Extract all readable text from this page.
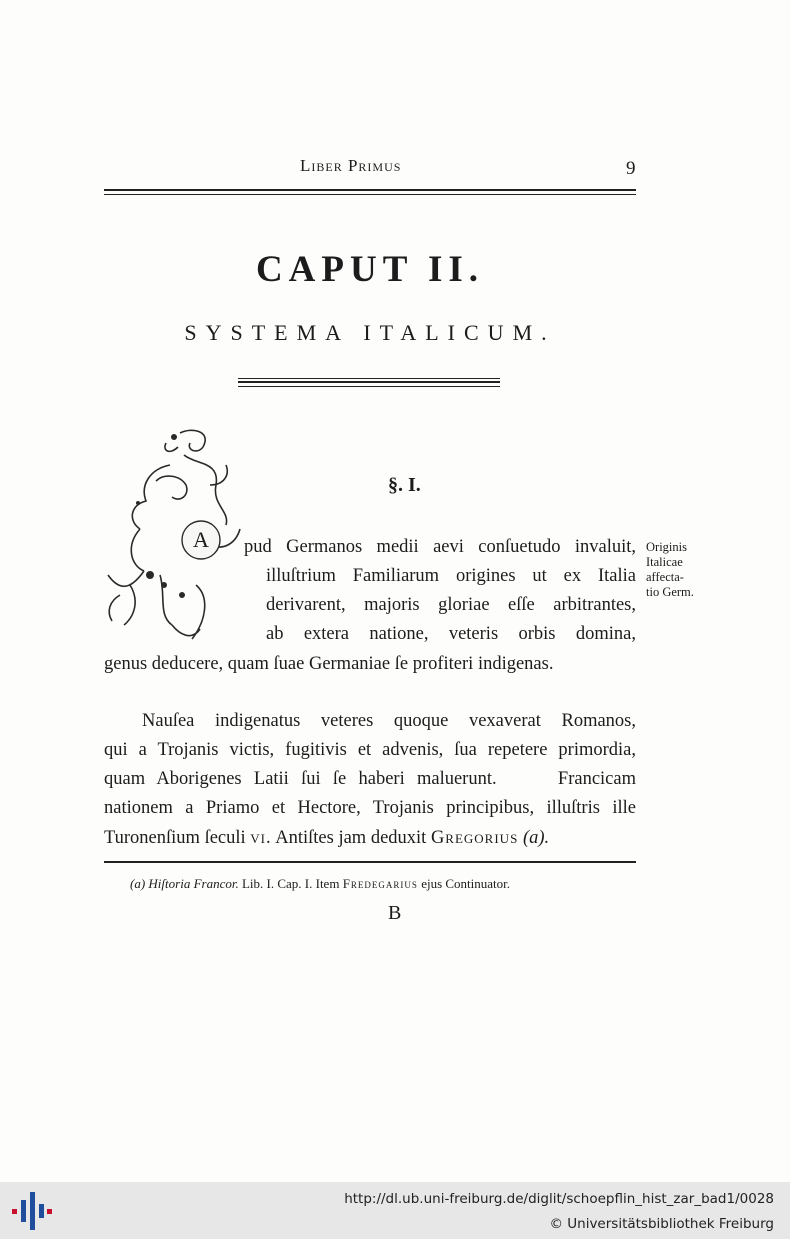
Liber Primus	9
CAPUT II.
SYSTEMA ITALICUM.
A
§. I.
pud Germanos medii aevi conſuetudo invaluit,
illuſtrium Familiarum origines ut ex Italia
derivarent, majoris gloriae eſſe arbitrantes,
ab extera natione, veteris orbis domina,
genus deducere, quam ſuae Germaniae ſe profiteri indigenas.
Nauſea indigenatus veteres quoque vexaverat Romanos,
qui a Trojanis victis, fugitivis et advenis, ſua repetere primordia,
quam Aborigenes Latii ſui ſe haberi maluerunt.     Francicam
nationem a Priamo et Hectore, Trojanis principibus, illuſtris ille
Turonenſium ſeculi vi. Antiſtes jam deduxit Gregorius (a).
Originis
Italicae
affecta-
tio Germ.
(a) Hiſtoria Francor. Lib. I. Cap. I. Item Fredegarius ejus Continuator.
B
http://dl.ub.uni-freiburg.de/diglit/schoepflin_hist_zar_bad1/0028
© Universitätsbibliothek Freiburg
